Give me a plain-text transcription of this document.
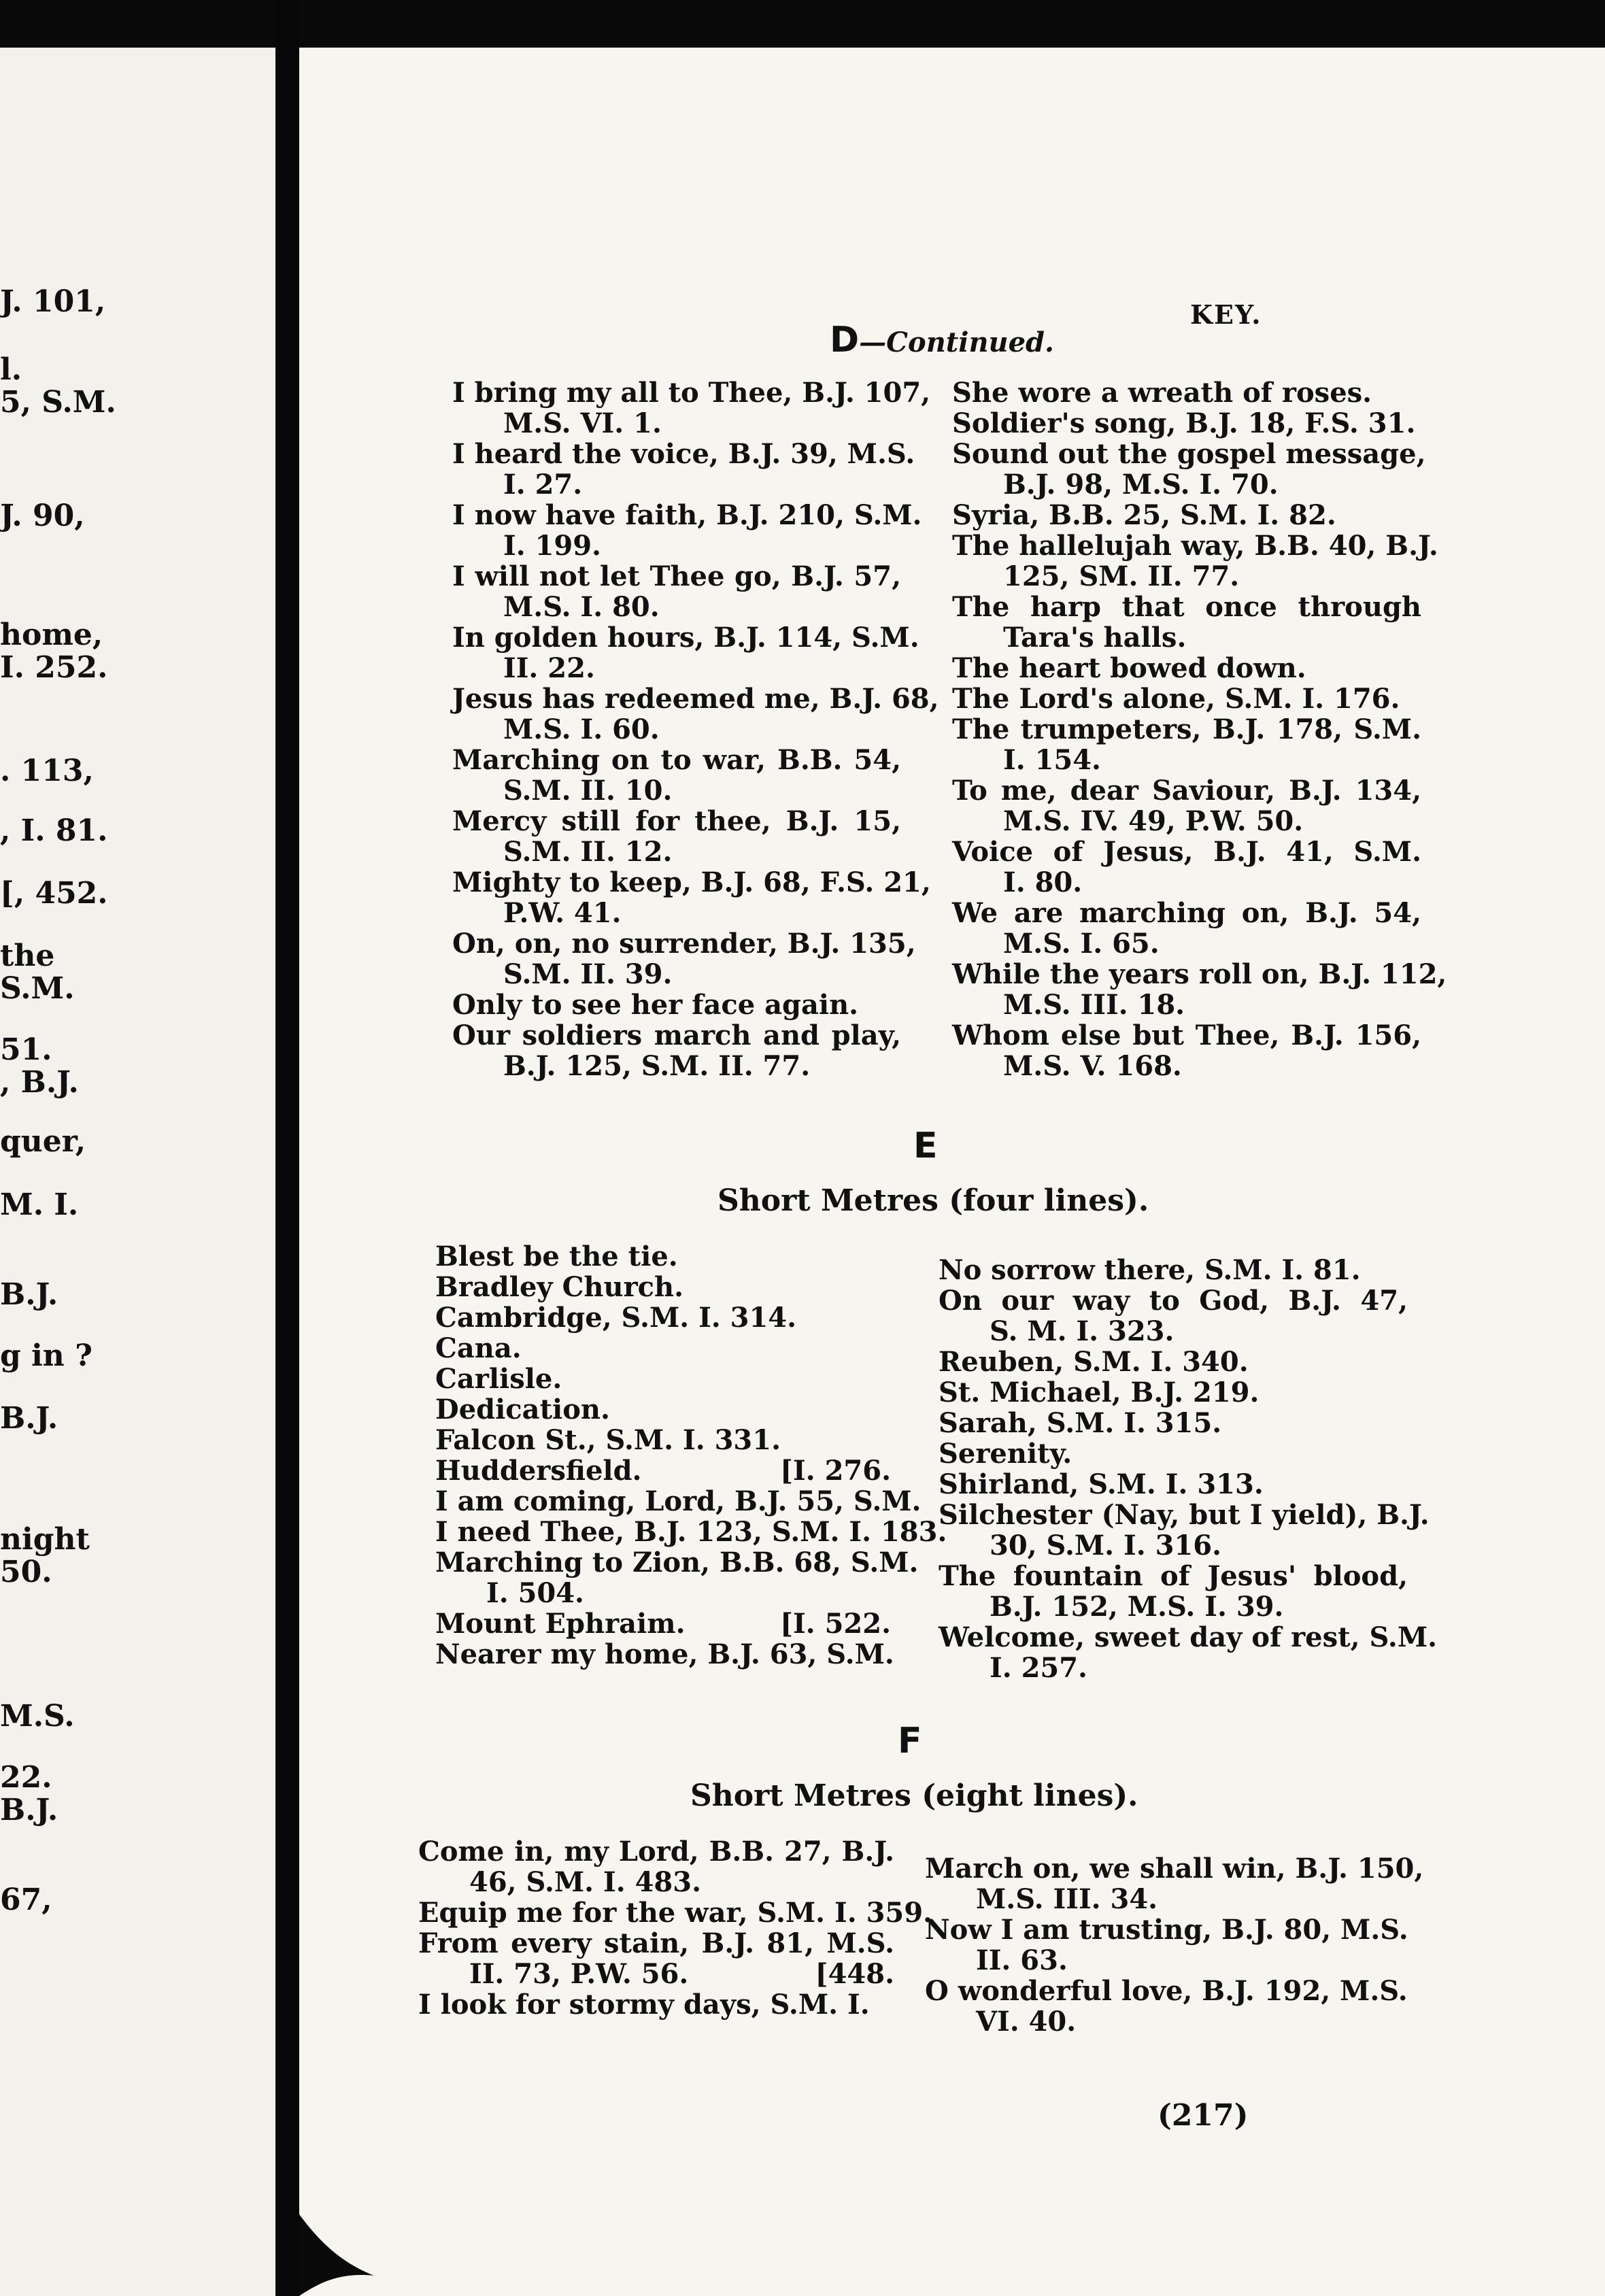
J. 101,
l.
5, S.M.
J. 90,
home,
I. 252.
. 113,
, I. 81.
[, 452.
the
S.M.
51.
, B.J.
quer,
M. I.
B.J.
g in ?
B.J.
night
50.
M.S.
22.
B.J.
67,
KEY.
D—Continued.
I bring my all to Thee, B.J. 107,
M.S. VI. 1.
I heard the voice, B.J. 39, M.S.
I. 27.
I now have faith, B.J. 210, S.M.
I. 199.
I will not let Thee go, B.J. 57,
M.S. I. 80.
In golden hours, B.J. 114, S.M.
II. 22.
Jesus has redeemed me, B.J. 68,
M.S. I. 60.
Marching on to war, B.B. 54,
S.M. II. 10.
Mercy still for thee, B.J. 15,
S.M. II. 12.
Mighty to keep, B.J. 68, F.S. 21,
P.W. 41.
On, on, no surrender, B.J. 135,
S.M. II. 39.
Only to see her face again.
Our soldiers march and play,
B.J. 125, S.M. II. 77.
She wore a wreath of roses.
Soldier's song, B.J. 18, F.S. 31.
Sound out the gospel message,
B.J. 98, M.S. I. 70.
Syria, B.B. 25, S.M. I. 82.
The hallelujah way, B.B. 40, B.J.
125, SM. II. 77.
The harp that once through
Tara's halls.
The heart bowed down.
The Lord's alone, S.M. I. 176.
The trumpeters, B.J. 178, S.M.
I. 154.
To me, dear Saviour, B.J. 134,
M.S. IV. 49, P.W. 50.
Voice of Jesus, B.J. 41, S.M.
I. 80.
We are marching on, B.J. 54,
M.S. I. 65.
While the years roll on, B.J. 112,
M.S. III. 18.
Whom else but Thee, B.J. 156,
M.S. V. 168.
E
Short Metres (four lines).
Blest be the tie.
Bradley Church.
Cambridge, S.M. I. 314.
Cana.
Carlisle.
Dedication.
Falcon St., S.M. I. 331.
Huddersfield.	[I. 276.
I am coming, Lord, B.J. 55, S.M.
I need Thee, B.J. 123, S.M. I. 183.
Marching to Zion, B.B. 68, S.M.
I. 504.
Mount Ephraim.	[I. 522.
Nearer my home, B.J. 63, S.M.
No sorrow there, S.M. I. 81.
On our way to God, B.J. 47,
S. M. I. 323.
Reuben, S.M. I. 340.
St. Michael, B.J. 219.
Sarah, S.M. I. 315.
Serenity.
Shirland, S.M. I. 313.
Silchester (Nay, but I yield), B.J.
30, S.M. I. 316.
The fountain of Jesus' blood,
B.J. 152, M.S. I. 39.
Welcome, sweet day of rest, S.M.
I. 257.
F
Short Metres (eight lines).
Come in, my Lord, B.B. 27, B.J.
46, S.M. I. 483.
Equip me for the war, S.M. I. 359.
From every stain, B.J. 81, M.S.
II. 73, P.W. 56.	[448.
I look for stormy days, S.M. I.
March on, we shall win, B.J. 150,
M.S. III. 34.
Now I am trusting, B.J. 80, M.S.
II. 63.
O wonderful love, B.J. 192, M.S.
VI. 40.
(217)
